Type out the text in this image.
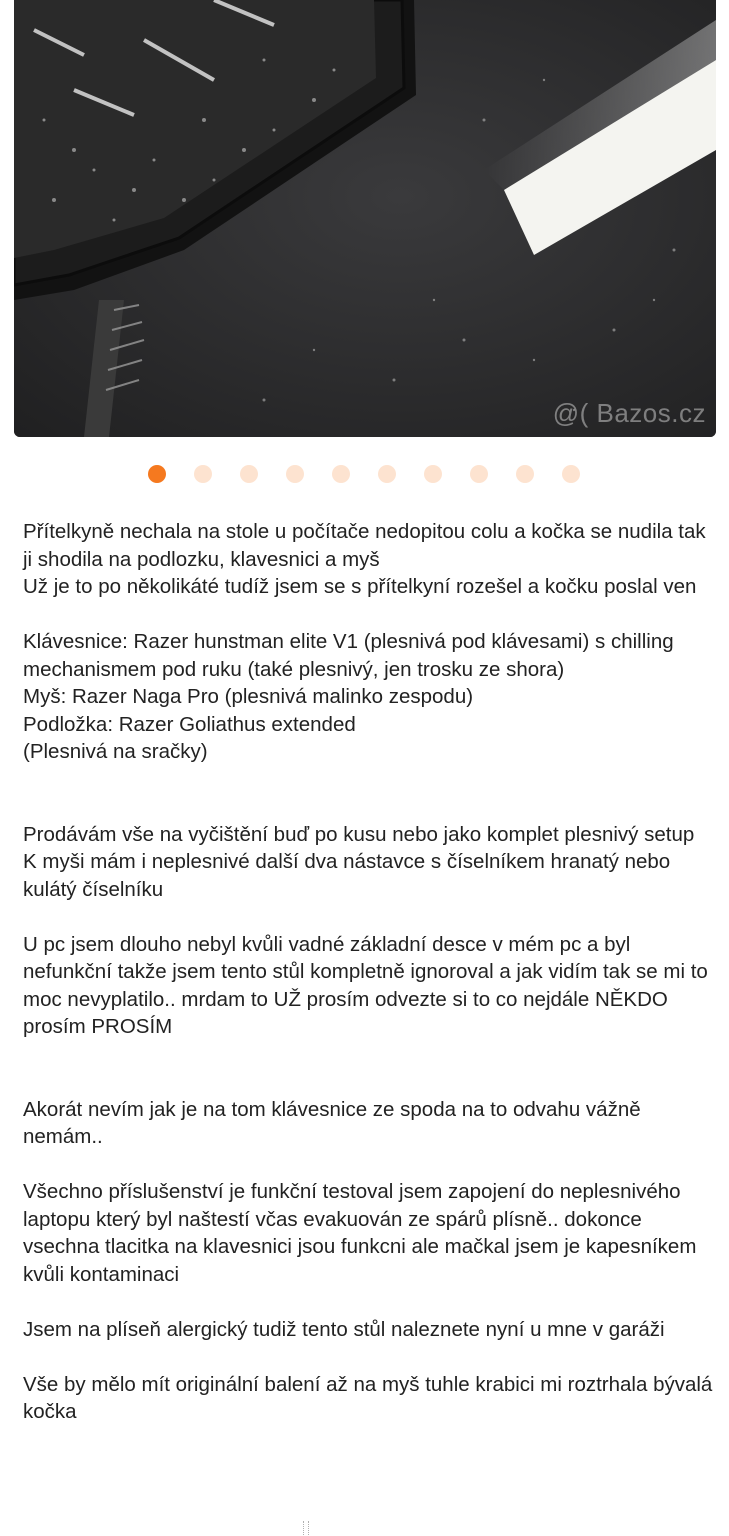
@( Bazos.cz

Přítelkyně nechala na stole u počítače nedopitou colu a kočka se nudila tak ji shodila na podlozku, klavesnici a myš
Už je to po několikáté tudíž jsem se s přítelkyní rozešel a kočku poslal ven

Klávesnice: Razer hunstman elite V1 (plesnivá pod klávesami) s chilling mechanismem pod ruku (také plesnivý, jen trosku ze shora)
Myš: Razer Naga Pro (plesnivá malinko zespodu)
Podložka: Razer Goliathus extended
(Plesnivá na sračky)

Prodávám vše na vyčištění buď po kusu nebo jako komplet plesnivý setup
K myši mám i neplesnivé další dva nástavce s číselníkem hranatý nebo kulátý číselníku

U pc jsem dlouho nebyl kvůli vadné základní desce v mém pc a byl nefunkční takže jsem tento stůl kompletně ignoroval a jak vidím tak se mi to moc nevyplatilo.. mrdam to UŽ prosím odvezte si to co nejdále NĚKDO prosím PROSÍM

Akorát nevím jak je na tom klávesnice ze spoda na to odvahu vážně nemám..

Všechno příslušenství je funkční testoval jsem zapojení do neplesnivého laptopu který byl naštestí včas evakuován ze spárů plísně.. dokonce vsechna tlacitka na klavesnici jsou funkcni ale mačkal jsem je kapesníkem kvůli kontaminaci

Jsem na plíseň alergický tudiž tento stůl naleznete nyní u mne v garáži

Vše by mělo mít originální balení až na myš tuhle krabici mi roztrhala bývalá kočka
